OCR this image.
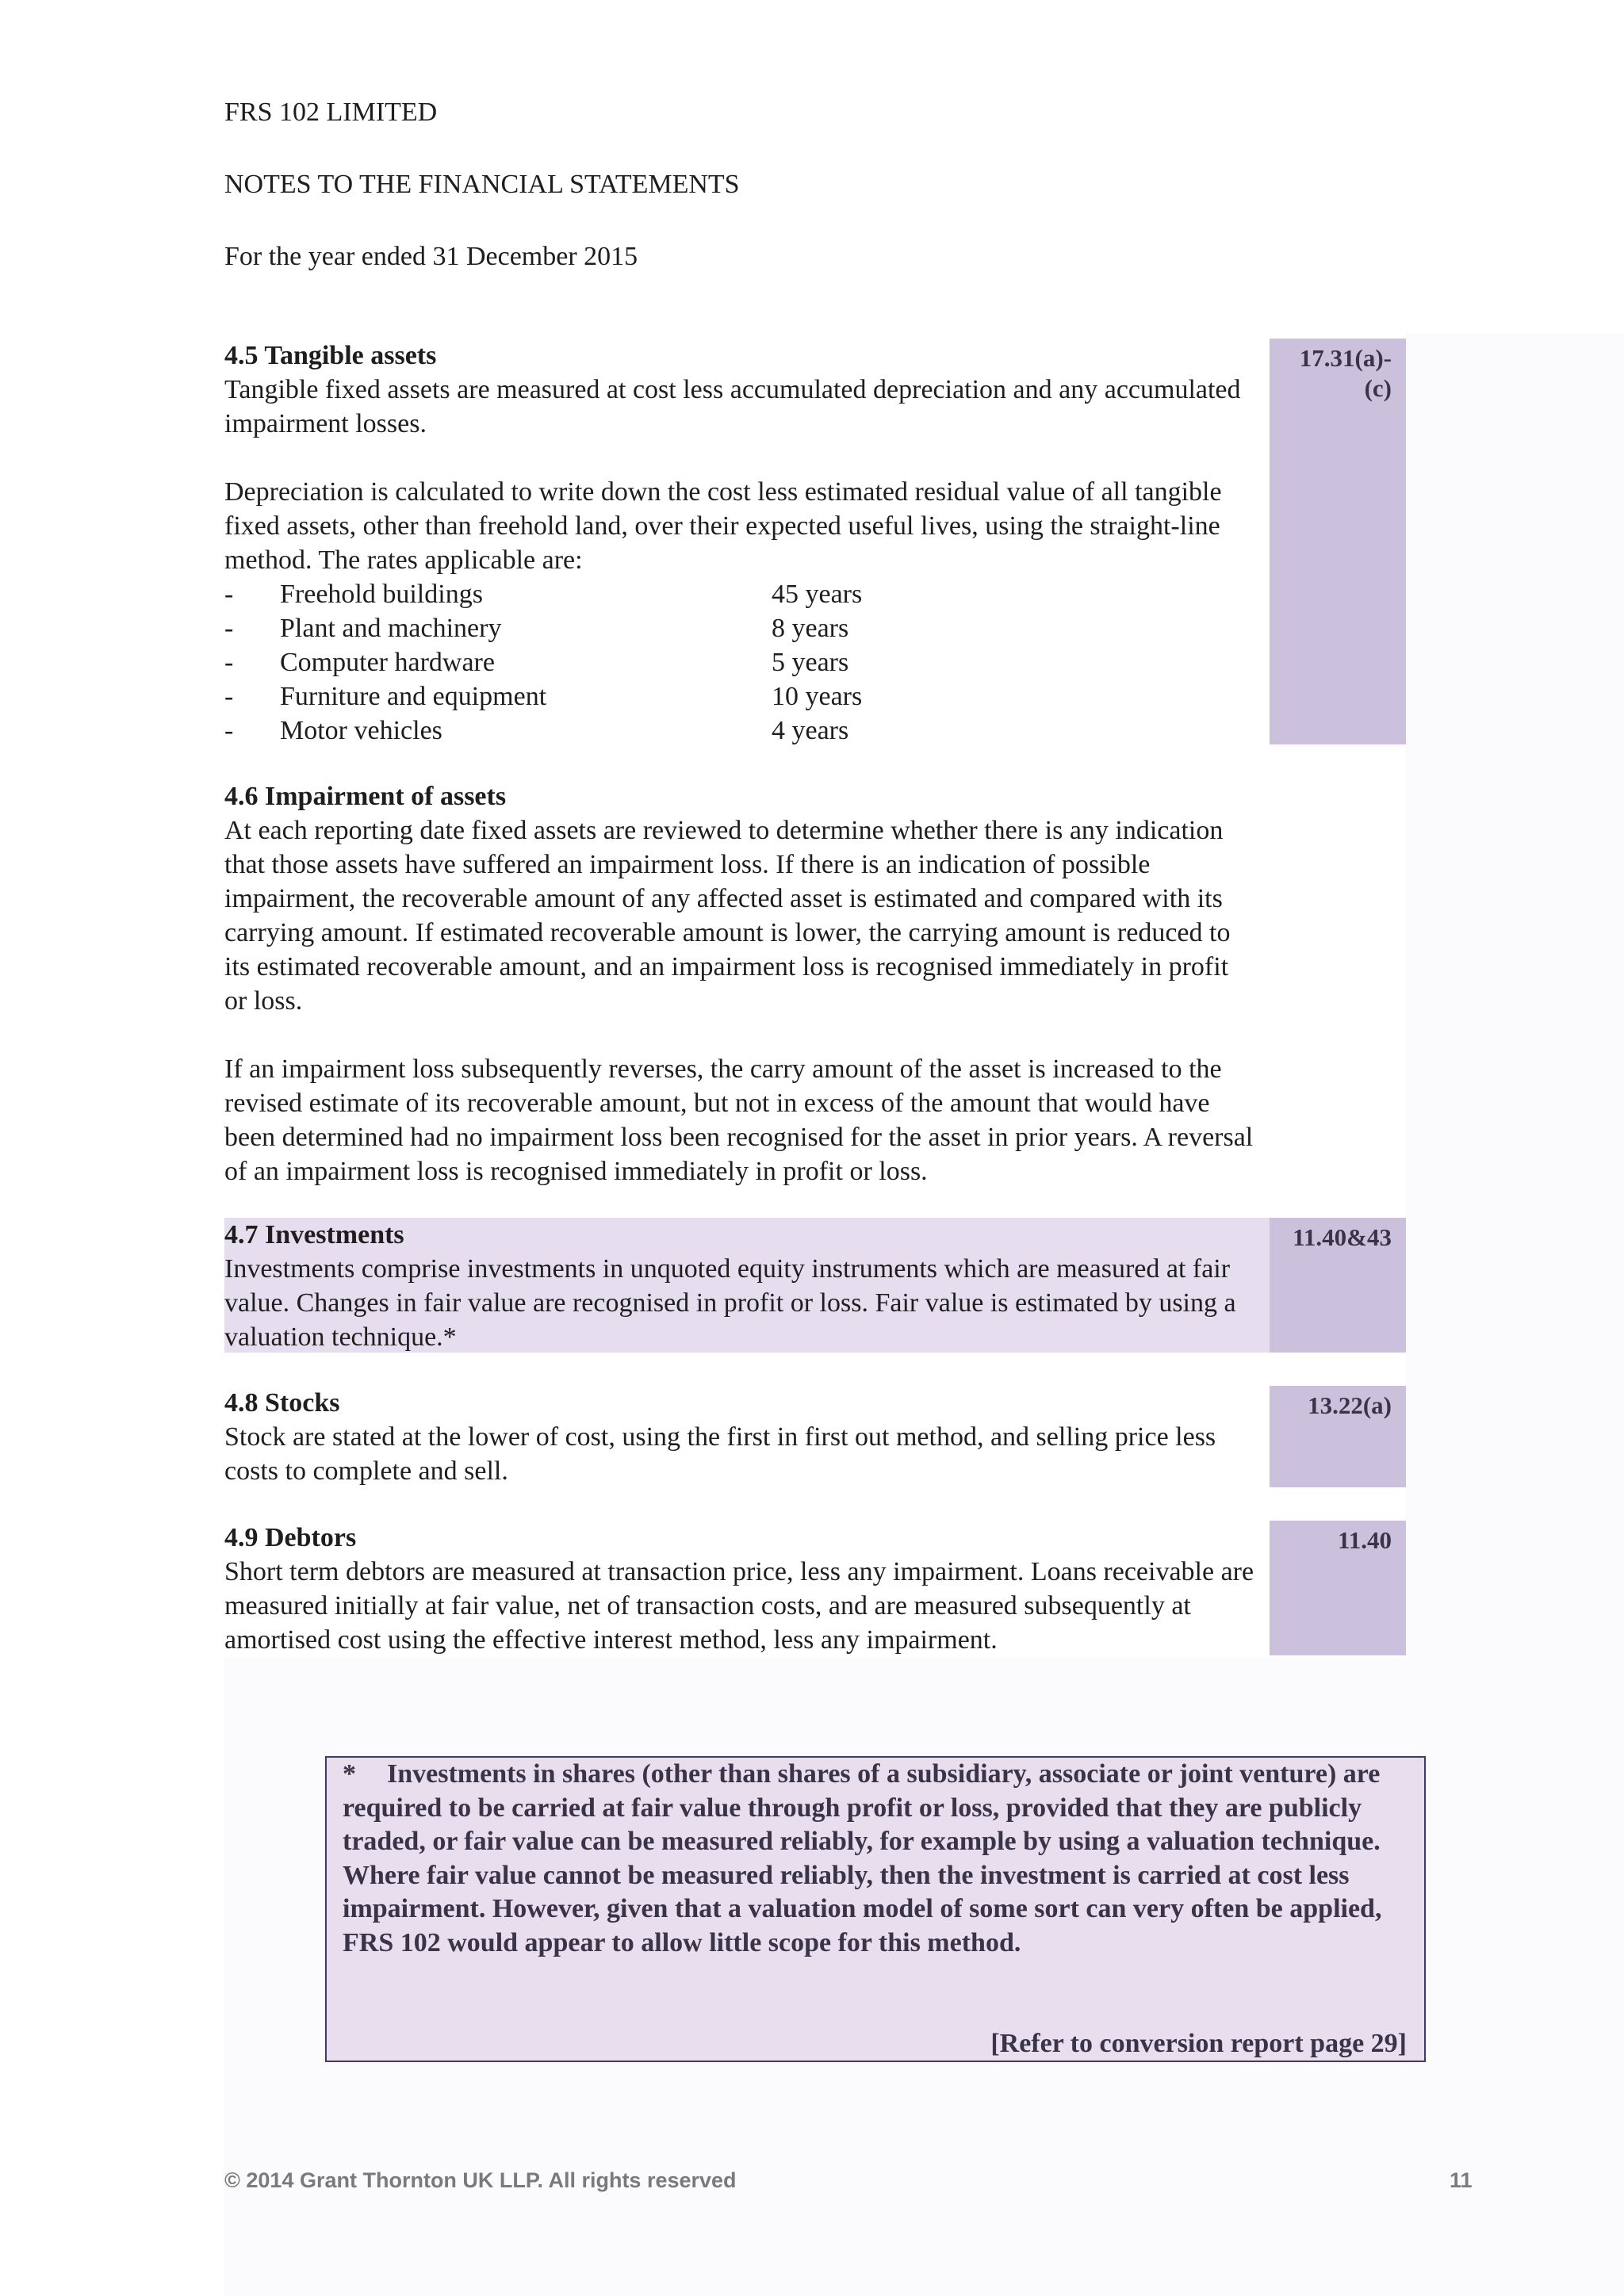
FRS 102 LIMITED
NOTES TO THE FINANCIAL STATEMENTS
For the year ended 31 December 2015
17.31(a)-
(c)
4.5 Tangible assets

Tangible fixed assets are measured at cost less accumulated depreciation and any accumulated impairment losses.

Depreciation is calculated to write down the cost less estimated residual value of all tangible fixed assets, other than freehold land, over their expected useful lives, using the straight-line method. The rates applicable are:

-	Freehold buildings	45 years
-	Plant and machinery	8 years
-	Computer hardware	5 years
-	Furniture and equipment	10 years
-	Motor vehicles	4 years
4.6 Impairment of assets

At each reporting date fixed assets are reviewed to determine whether there is any indication that those assets have suffered an impairment loss. If there is an indication of possible impairment, the recoverable amount of any affected asset is estimated and compared with its carrying amount. If estimated recoverable amount is lower, the carrying amount is reduced to its estimated recoverable amount, and an impairment loss is recognised immediately in profit or loss.

If an impairment loss subsequently reverses, the carry amount of the asset is increased to the revised estimate of its recoverable amount, but not in excess of the amount that would have been determined had no impairment loss been recognised for the asset in prior years. A reversal of an impairment loss is recognised immediately in profit or loss.

11.40&43
4.7 Investments

Investments comprise investments in unquoted equity instruments which are measured at fair value. Changes in fair value are recognised in profit or loss. Fair value is estimated by using a valuation technique.*

13.22(a)
4.8 Stocks

Stock are stated at the lower of cost, using the first in first out method, and selling price less costs to complete and sell.

11.40
4.9 Debtors

Short term debtors are measured at transaction price, less any impairment. Loans receivable are measured initially at fair value, net of transaction costs, and are measured subsequently at amortised cost using the effective interest method, less any impairment.

* Investments in shares (other than shares of a subsidiary, associate or joint venture) are required to be carried at fair value through profit or loss, provided that they are publicly traded, or fair value can be measured reliably, for example by using a valuation technique. Where fair value cannot be measured reliably, then the investment is carried at cost less impairment. However, given that a valuation model of some sort can very often be applied, FRS 102 would appear to allow little scope for this method.

[Refer to conversion report page 29]
© 2014 Grant Thornton UK LLP. All rights reserved	11
